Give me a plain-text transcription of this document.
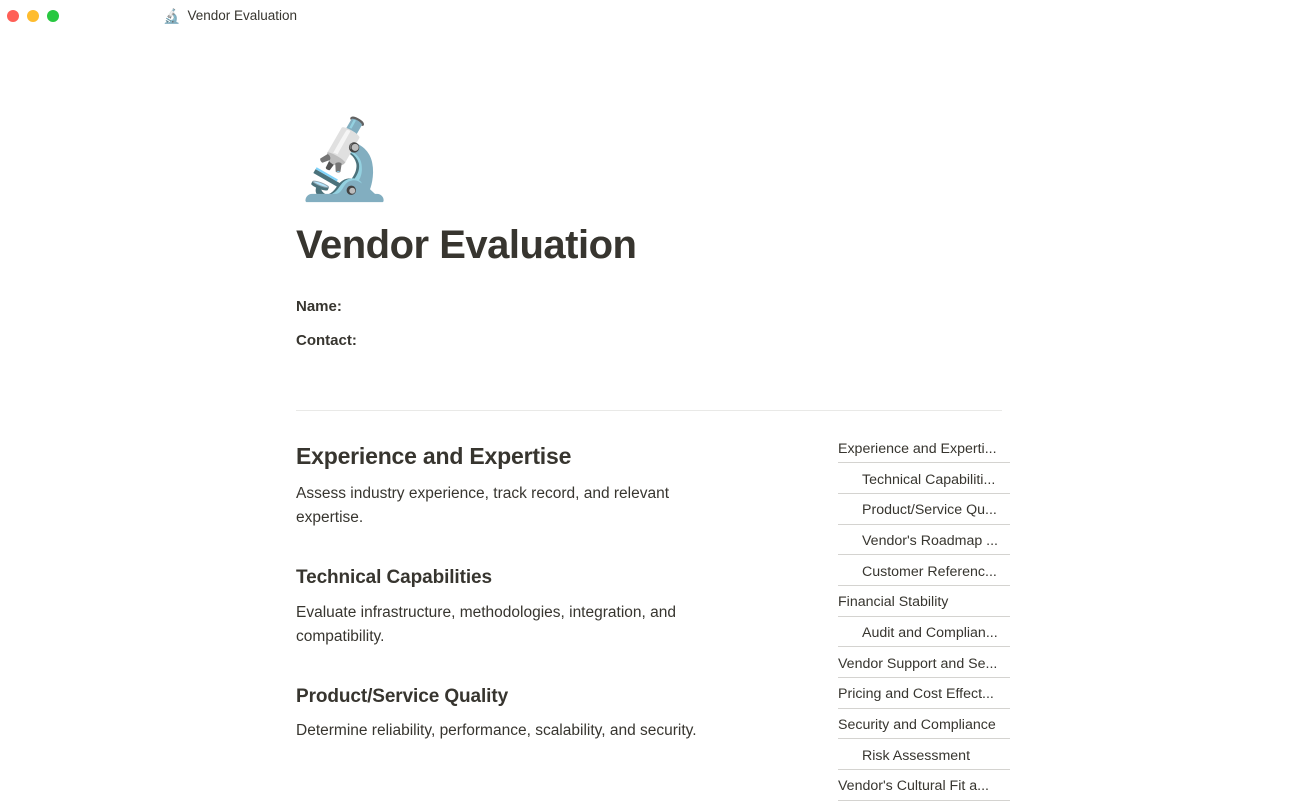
🔬 Vendor Evaluation
🔬
Vendor Evaluation
Name:
Contact:
Experience and Expertise

Assess industry experience, track record, and relevant expertise.

Technical Capabilities

Evaluate infrastructure, methodologies, integration, and compatibility.

Product/Service Quality

Determine reliability, performance, scalability, and security.

Experience and Experti...
Technical Capabiliti...
Product/Service Qu...
Vendor's Roadmap ...
Customer Referenc...
Financial Stability
Audit and Complian...
Vendor Support and Se...
Pricing and Cost Effect...
Security and Compliance
Risk Assessment
Vendor's Cultural Fit a...
